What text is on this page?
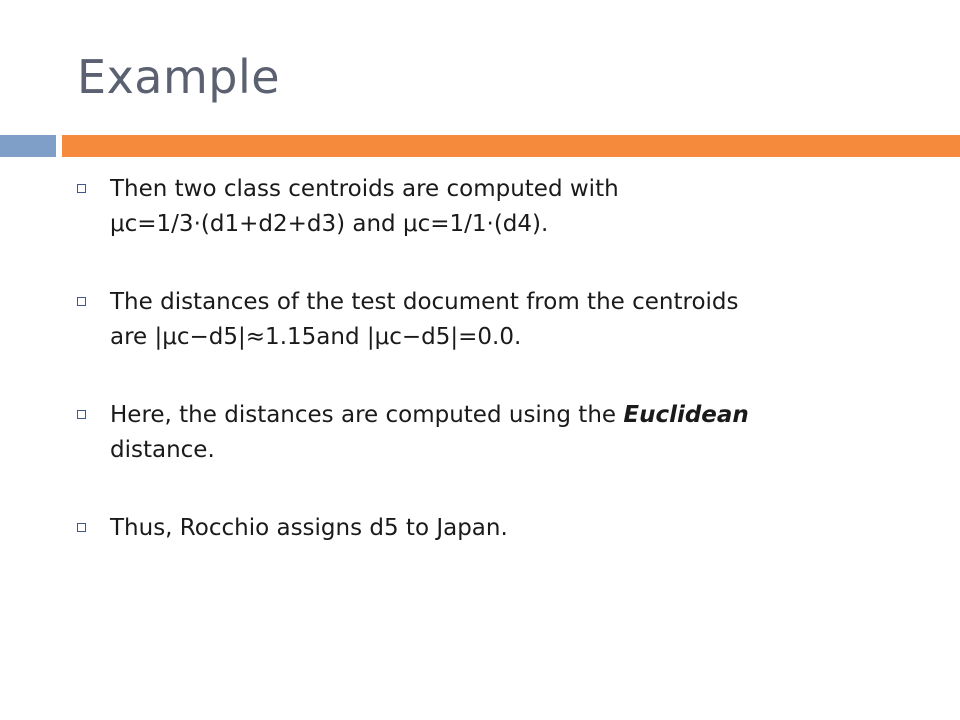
Example
Then two class centroids are computed with
μc=1/3·(d1+d2+d3) and μc=1/1·(d4).
The distances of the test document from the centroids
are |μc−d5|≈1.15and |μc−d5|=0.0.
Here, the distances are computed using the Euclidean
distance.
Thus, Rocchio assigns d5 to Japan.
